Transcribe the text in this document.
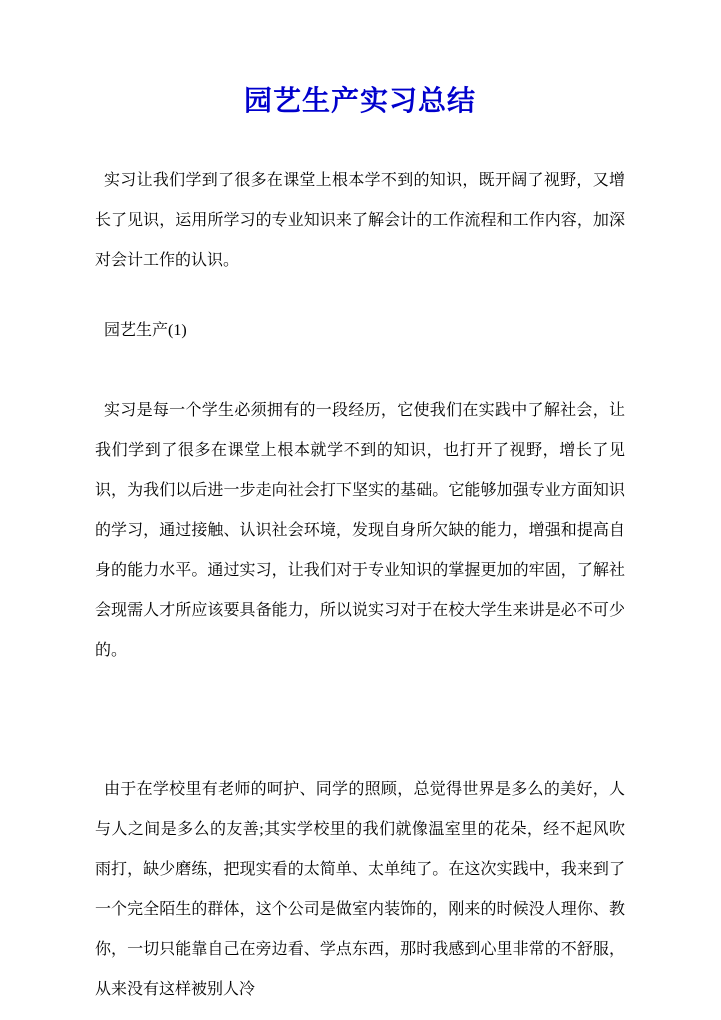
园艺生产实习总结

实习让我们学到了很多在课堂上根本学不到的知识，既开阔了视野，又增长了见识，运用所学习的专业知识来了解会计的工作流程和工作内容，加深对会计工作的认识。

园艺生产(1)

实习是每一个学生必须拥有的一段经历，它使我们在实践中了解社会，让我们学到了很多在课堂上根本就学不到的知识，也打开了视野，增长了见识，为我们以后进一步走向社会打下坚实的基础。它能够加强专业方面知识的学习，通过接触、认识社会环境，发现自身所欠缺的能力，增强和提高自身的能力水平。通过实习，让我们对于专业知识的掌握更加的牢固，了解社会现需人才所应该要具备能力，所以说实习对于在校大学生来讲是必不可少的。

由于在学校里有老师的呵护、同学的照顾，总觉得世界是多么的美好，人与人之间是多么的友善;其实学校里的我们就像温室里的花朵，经不起风吹雨打，缺少磨练，把现实看的太简单、太单纯了。在这次实践中，我来到了一个完全陌生的群体，这个公司是做室内装饰的，刚来的时候没人理你、教你，一切只能靠自己在旁边看、学点东西，那时我感到心里非常的不舒服，从来没有这样被别人冷
